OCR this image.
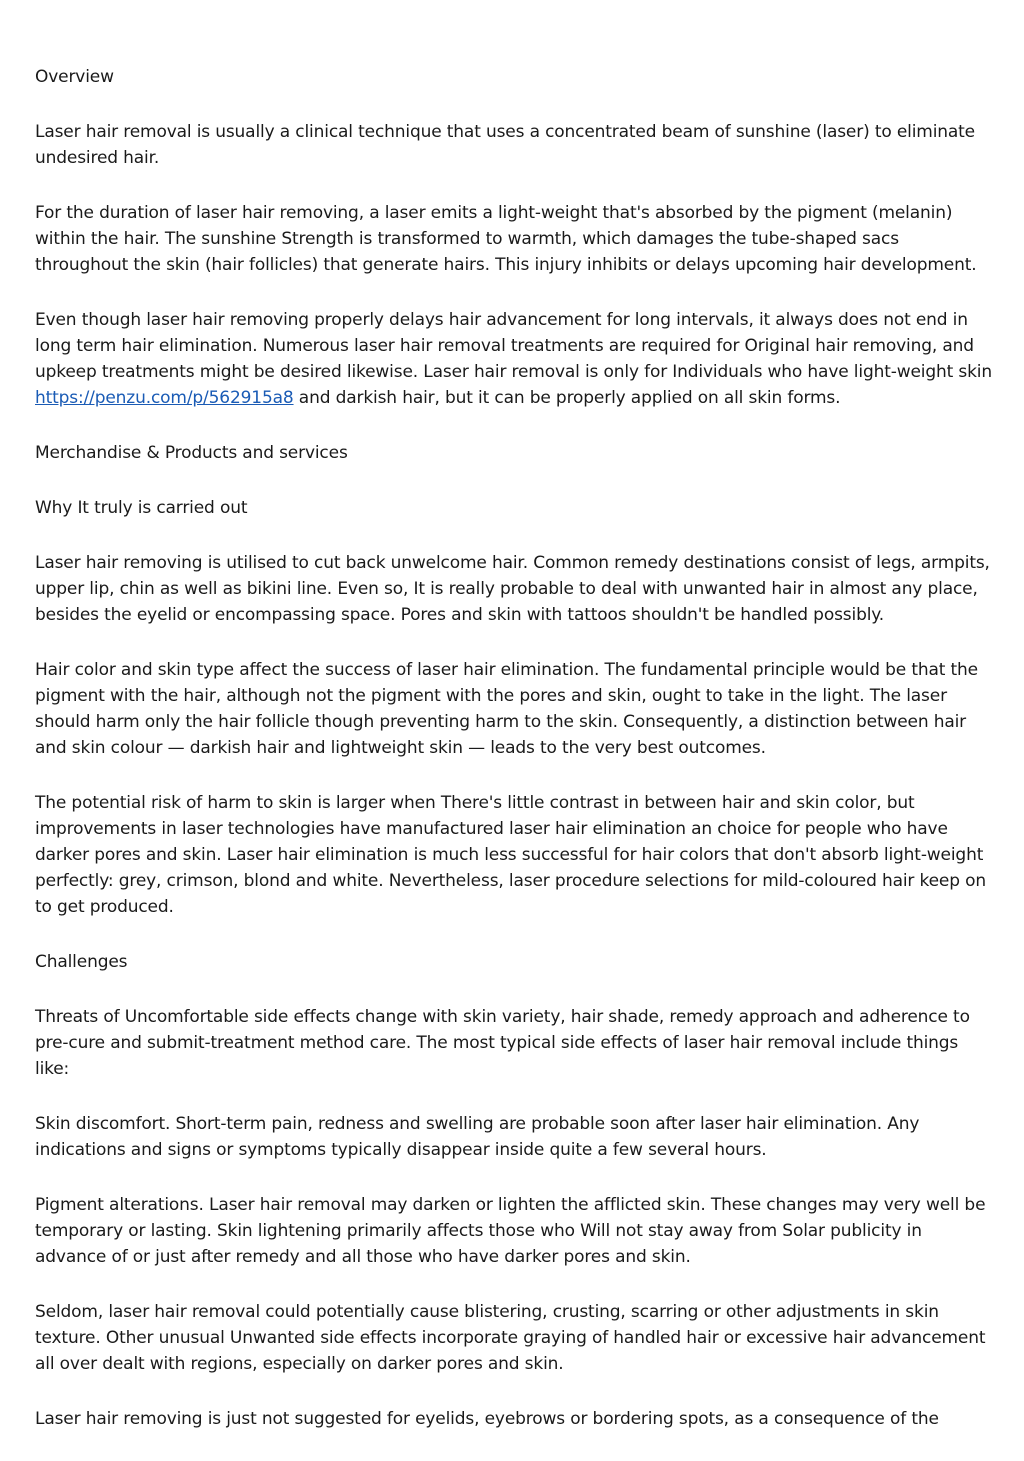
Overview

Laser hair removal is usually a clinical technique that uses a concentrated beam of sunshine (laser) to eliminate undesired hair.

For the duration of laser hair removing, a laser emits a light-weight that's absorbed by the pigment (melanin) within the hair. The sunshine Strength is transformed to warmth, which damages the tube-shaped sacs throughout the skin (hair follicles) that generate hairs. This injury inhibits or delays upcoming hair development.

Even though laser hair removing properly delays hair advancement for long intervals, it always does not end in long term hair elimination. Numerous laser hair removal treatments are required for Original hair removing, and upkeep treatments might be desired likewise. Laser hair removal is only for Individuals who have light-weight skin https://penzu.com/p/562915a8 and darkish hair, but it can be properly applied on all skin forms.

Merchandise & Products and services

Why It truly is carried out

Laser hair removing is utilised to cut back unwelcome hair. Common remedy destinations consist of legs, armpits, upper lip, chin as well as bikini line. Even so, It is really probable to deal with unwanted hair in almost any place, besides the eyelid or encompassing space. Pores and skin with tattoos shouldn't be handled possibly.

Hair color and skin type affect the success of laser hair elimination. The fundamental principle would be that the pigment with the hair, although not the pigment with the pores and skin, ought to take in the light. The laser should harm only the hair follicle though preventing harm to the skin. Consequently, a distinction between hair and skin colour — darkish hair and lightweight skin — leads to the very best outcomes.

The potential risk of harm to skin is larger when There's little contrast in between hair and skin color, but improvements in laser technologies have manufactured laser hair elimination an choice for people who have darker pores and skin. Laser hair elimination is much less successful for hair colors that don't absorb light-weight perfectly: grey, crimson, blond and white. Nevertheless, laser procedure selections for mild-coloured hair keep on to get produced.

Challenges

Threats of Uncomfortable side effects change with skin variety, hair shade, remedy approach and adherence to pre-cure and submit-treatment method care. The most typical side effects of laser hair removal include things like:

Skin discomfort. Short-term pain, redness and swelling are probable soon after laser hair elimination. Any indications and signs or symptoms typically disappear inside quite a few several hours.

Pigment alterations. Laser hair removal may darken or lighten the afflicted skin. These changes may very well be temporary or lasting. Skin lightening primarily affects those who Will not stay away from Solar publicity in advance of or just after remedy and all those who have darker pores and skin.

Seldom, laser hair removal could potentially cause blistering, crusting, scarring or other adjustments in skin texture. Other unusual Unwanted side effects incorporate graying of handled hair or excessive hair advancement all over dealt with regions, especially on darker pores and skin.

Laser hair removing is just not suggested for eyelids, eyebrows or bordering spots, as a consequence of the
